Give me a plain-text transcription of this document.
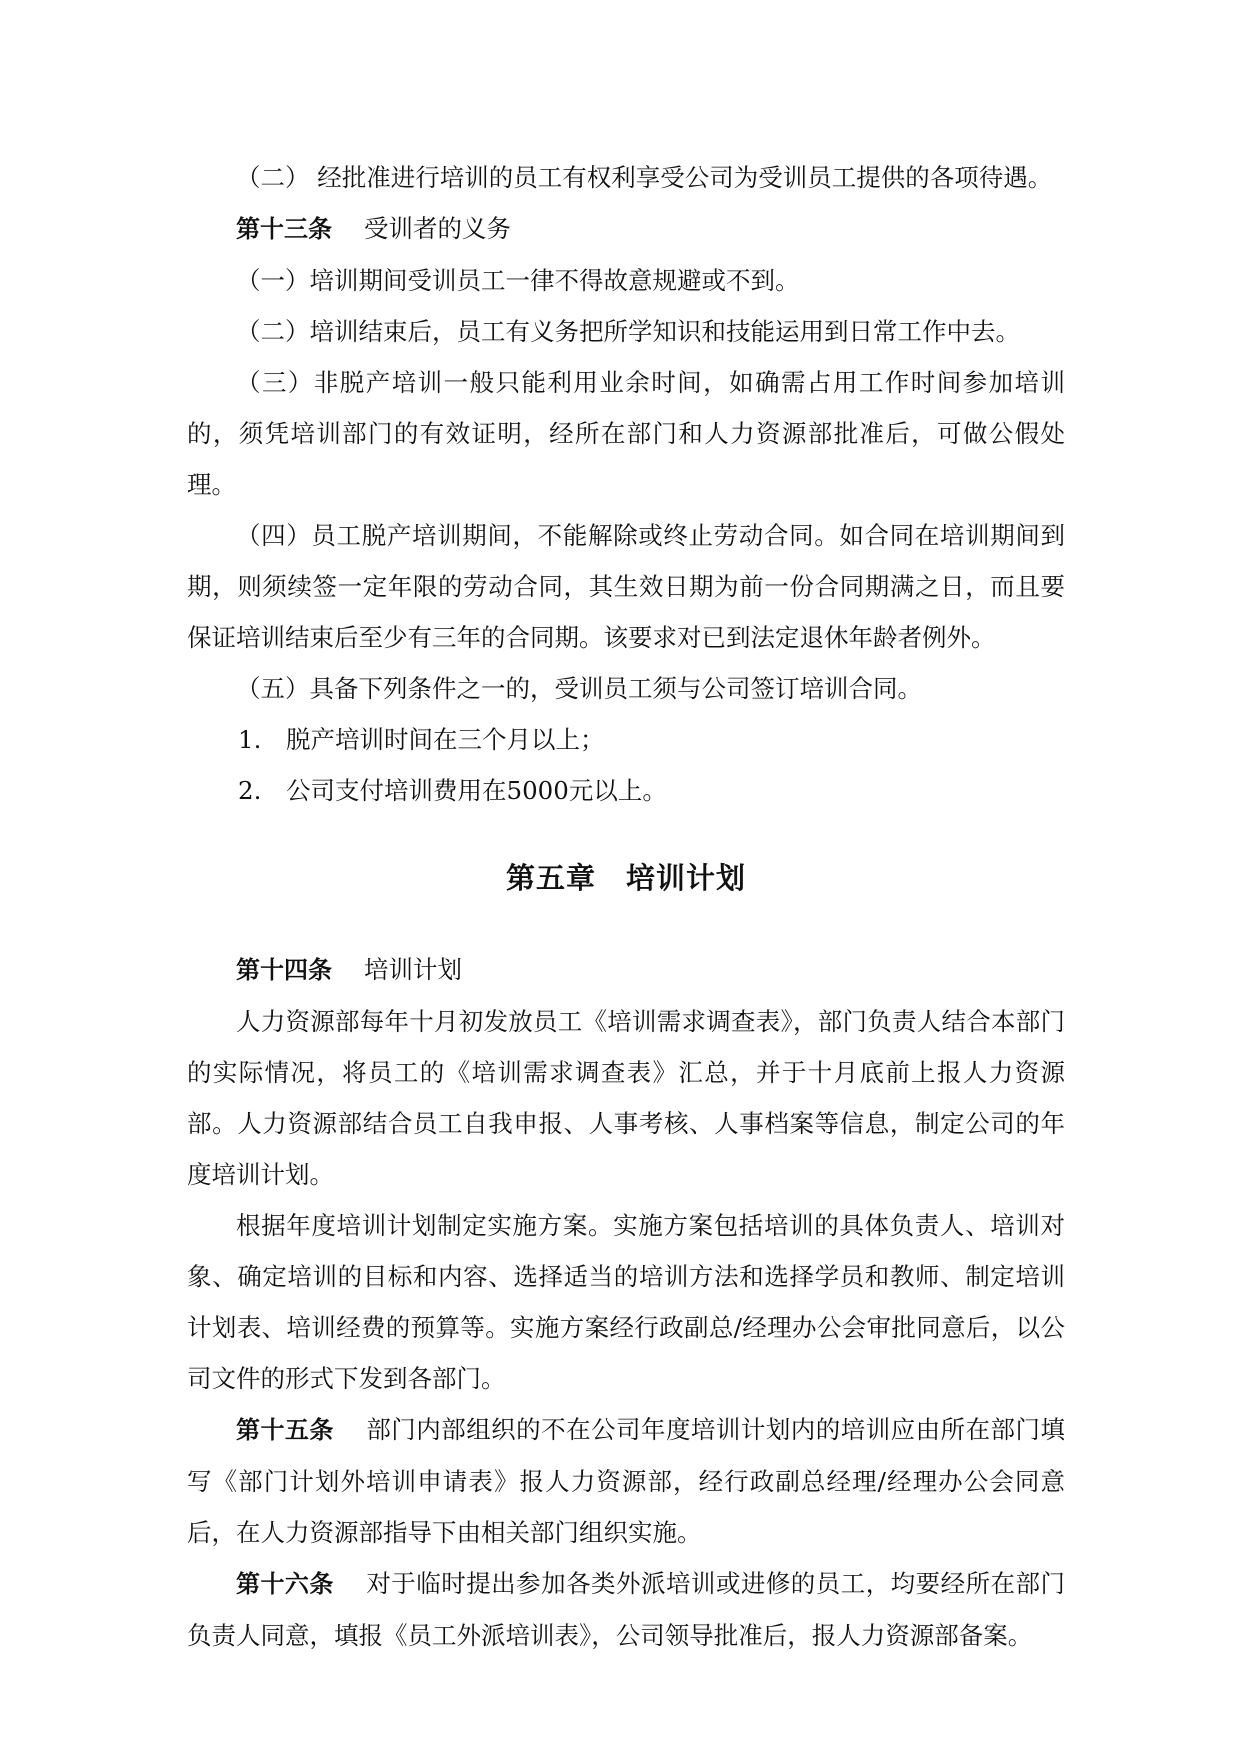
（二） 经批准进行培训的员工有权利享受公司为受训员工提供的各项待遇。

第十三条 受训者的义务

（一）培训期间受训员工一律不得故意规避或不到。

（二）培训结束后，员工有义务把所学知识和技能运用到日常工作中去。

（三）非脱产培训一般只能利用业余时间，如确需占用工作时间参加培训的，须凭培训部门的有效证明，经所在部门和人力资源部批准后，可做公假处理。

（四）员工脱产培训期间，不能解除或终止劳动合同。如合同在培训期间到期，则须续签一定年限的劳动合同，其生效日期为前一份合同期满之日，而且要保证培训结束后至少有三年的合同期。该要求对已到法定退休年龄者例外。

（五）具备下列条件之一的，受训员工须与公司签订培训合同。

1.	脱产培训时间在三个月以上；
2.	公司支付培训费用在5000元以上。
第五章 培训计划

第十四条 培训计划

人力资源部每年十月初发放员工《培训需求调查表》，部门负责人结合本部门的实际情况，将员工的《培训需求调查表》汇总，并于十月底前上报人力资源部。人力资源部结合员工自我申报、人事考核、人事档案等信息，制定公司的年度培训计划。

根据年度培训计划制定实施方案。实施方案包括培训的具体负责人、培训对象、确定培训的目标和内容、选择适当的培训方法和选择学员和教师、制定培训计划表、培训经费的预算等。实施方案经行政副总/经理办公会审批同意后，以公司文件的形式下发到各部门。

第十五条 部门内部组织的不在公司年度培训计划内的培训应由所在部门填写《部门计划外培训申请表》报人力资源部，经行政副总经理/经理办公会同意后，在人力资源部指导下由相关部门组织实施。

第十六条 对于临时提出参加各类外派培训或进修的员工，均要经所在部门负责人同意，填报《员工外派培训表》，公司领导批准后，报人力资源部备案。
